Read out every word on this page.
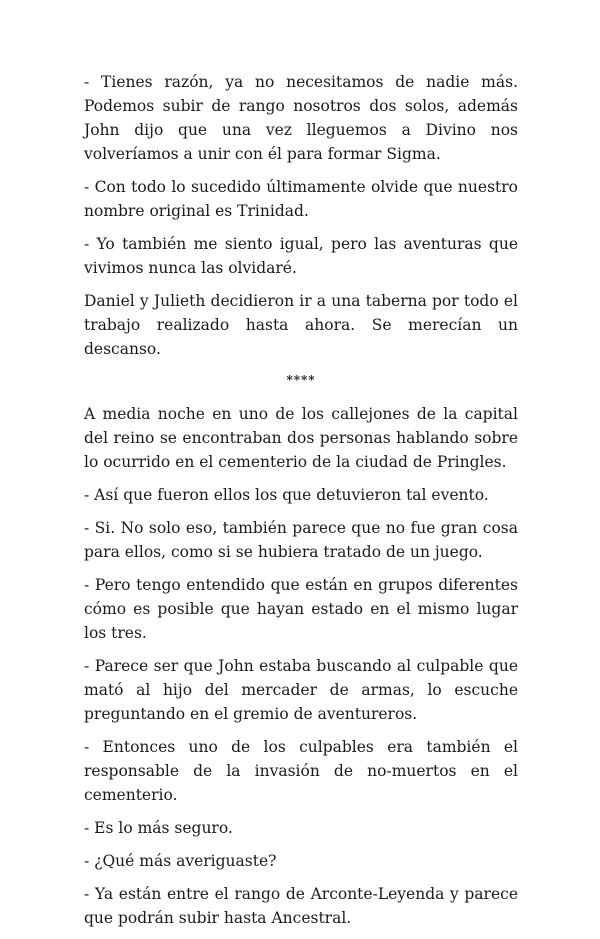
- Tienes razón, ya no necesitamos de nadie más. Podemos subir de rango nosotros dos solos, además John dijo que una vez lleguemos a Divino nos volveríamos a unir con él para formar Sigma.

- Con todo lo sucedido últimamente olvide que nuestro nombre original es Trinidad.

- Yo también me siento igual, pero las aventuras que vivimos nunca las olvidaré.

Daniel y Julieth decidieron ir a una taberna por todo el trabajo realizado hasta ahora. Se merecían un descanso.

****

A media noche en uno de los callejones de la capital del reino se encontraban dos personas hablando sobre lo ocurrido en el cementerio de la ciudad de Pringles.

- Así que fueron ellos los que detuvieron tal evento.

- Si. No solo eso, también parece que no fue gran cosa para ellos, como si se hubiera tratado de un juego.

- Pero tengo entendido que están en grupos diferentes cómo es posible que hayan estado en el mismo lugar los tres.

- Parece ser que John estaba buscando al culpable que mató al hijo del mercader de armas, lo escuche preguntando en el gremio de aventureros.

- Entonces uno de los culpables era también el responsable de la invasión de no-muertos en el cementerio.

- Es lo más seguro.

- ¿Qué más averiguaste?

- Ya están entre el rango de Arconte-Leyenda y parece que podrán subir hasta Ancestral.
